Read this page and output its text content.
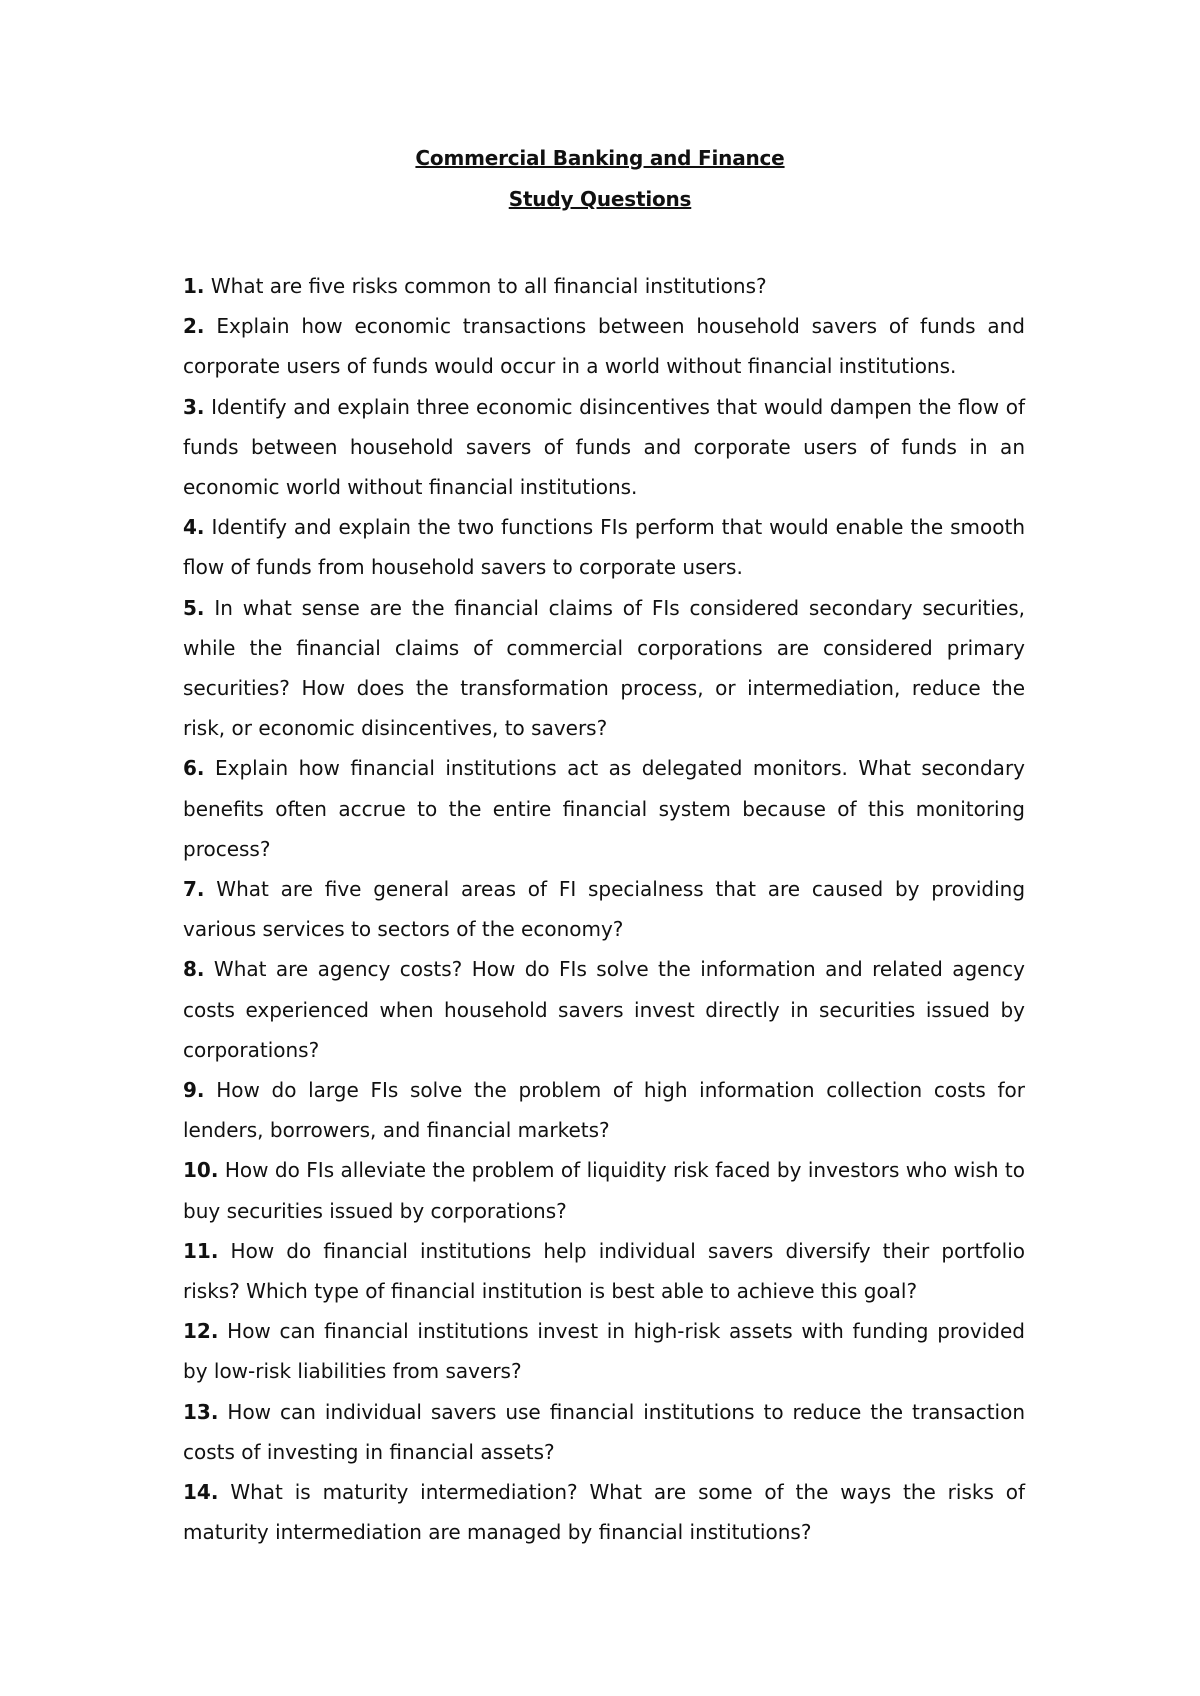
Commercial Banking and Finance
Study Questions

1. What are five risks common to all financial institutions?

2. Explain how economic transactions between household savers of funds and corporate users of funds would occur in a world without financial institutions.

3. Identify and explain three economic disincentives that would dampen the flow of funds between household savers of funds and corporate users of funds in an economic world without financial institutions.

4. Identify and explain the two functions FIs perform that would enable the smooth flow of funds from household savers to corporate users.

5. In what sense are the financial claims of FIs considered secondary securities, while the financial claims of commercial corporations are considered primary securities? How does the transformation process, or intermediation, reduce the risk, or economic disincentives, to savers?

6. Explain how financial institutions act as delegated monitors. What secondary benefits often accrue to the entire financial system because of this monitoring process?

7. What are five general areas of FI specialness that are caused by providing various services to sectors of the economy?

8. What are agency costs? How do FIs solve the information and related agency costs experienced when household savers invest directly in securities issued by corporations?

9. How do large FIs solve the problem of high information collection costs for lenders, borrowers, and financial markets?

10. How do FIs alleviate the problem of liquidity risk faced by investors who wish to buy securities issued by corporations?

11. How do financial institutions help individual savers diversify their portfolio risks? Which type of financial institution is best able to achieve this goal?

12. How can financial institutions invest in high-risk assets with funding provided by low-risk liabilities from savers?

13. How can individual savers use financial institutions to reduce the transaction costs of investing in financial assets?

14. What is maturity intermediation? What are some of the ways the risks of maturity intermediation are managed by financial institutions?
